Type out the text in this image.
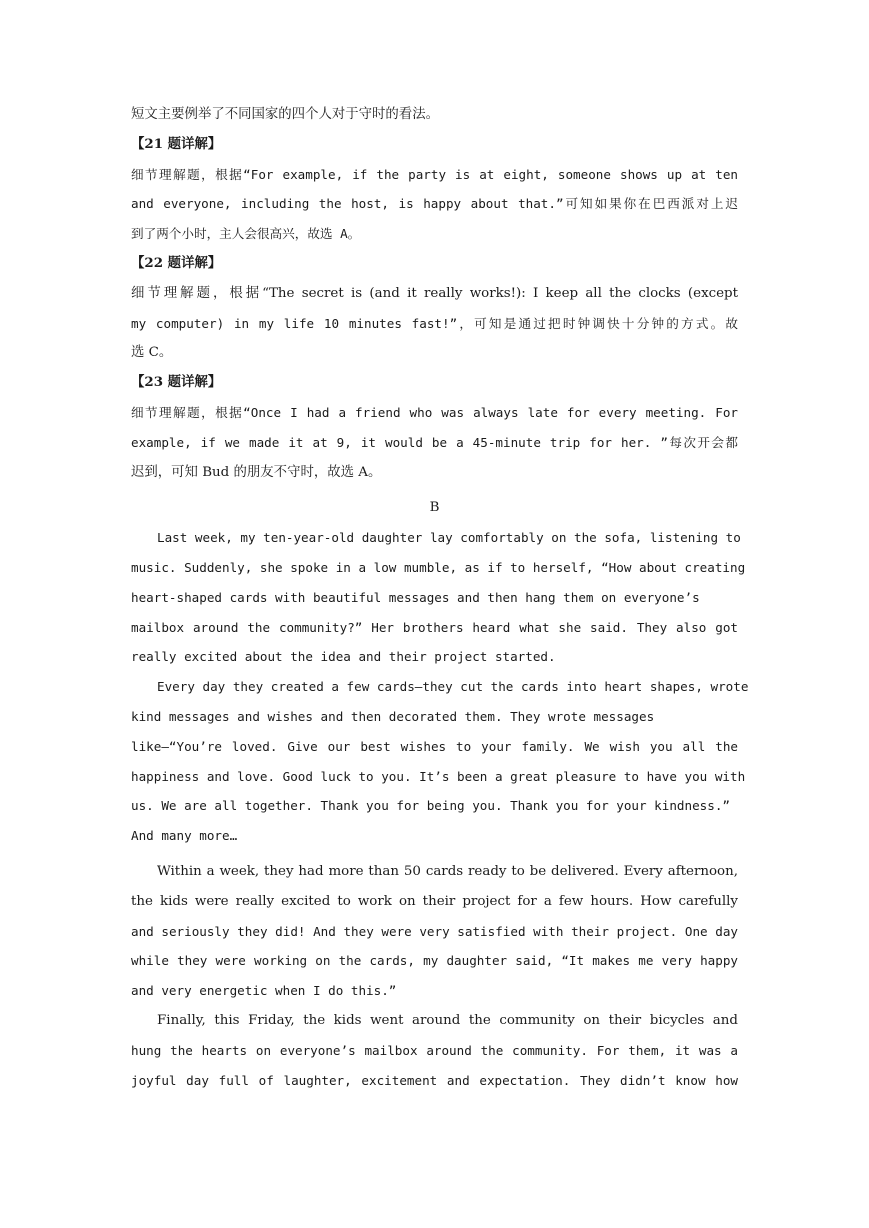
短文主要例举了不同国家的四个人对于守时的看法。
【21 题详解】
细节理解题，根据“For example, if the party is at eight, someone shows up at ten
and everyone, including the host, is happy about that.”可知如果你在巴西派对上迟
到了两个小时，主人会很高兴，故选 A。
【22 题详解】
细节理解题，根据“The secret is (and it really works!): I keep all the clocks (except
my computer) in my life 10 minutes fast!”，可知是通过把时钟调快十分钟的方式。故
选 C。
【23 题详解】
细节理解题，根据“Once I had a friend who was always late for every meeting. For
example, if we made it at 9, it would be a 45-minute trip for her. ”每次开会都
迟到，可知 Bud 的朋友不守时，故选 A。
B
Last week, my ten-year-old daughter lay comfortably on the sofa, listening to
music. Suddenly, she spoke in a low mumble, as if to herself, “How about creating
heart-shaped cards with beautiful messages and then hang them on everyone’s
mailbox around the community?” Her brothers heard what she said. They also got
really excited about the idea and their project started.
Every day they created a few cards—they cut the cards into heart shapes, wrote
kind messages and wishes and then decorated them. They wrote messages
like—“You’re loved. Give our best wishes to your family. We wish you all the
happiness and love. Good luck to you. It’s been a great pleasure to have you with
us. We are all together. Thank you for being you. Thank you for your kindness.”
And many more…
Within a week, they had more than 50 cards ready to be delivered. Every afternoon,
the kids were really excited to work on their project for a few hours. How carefully
and seriously they did! And they were very satisfied with their project. One day
while they were working on the cards, my daughter said, “It makes me very happy
and very energetic when I do this.”
Finally, this Friday, the kids went around the community on their bicycles and
hung the hearts on everyone’s mailbox around the community. For them, it was a
joyful day full of laughter, excitement and expectation. They didn’t know how
